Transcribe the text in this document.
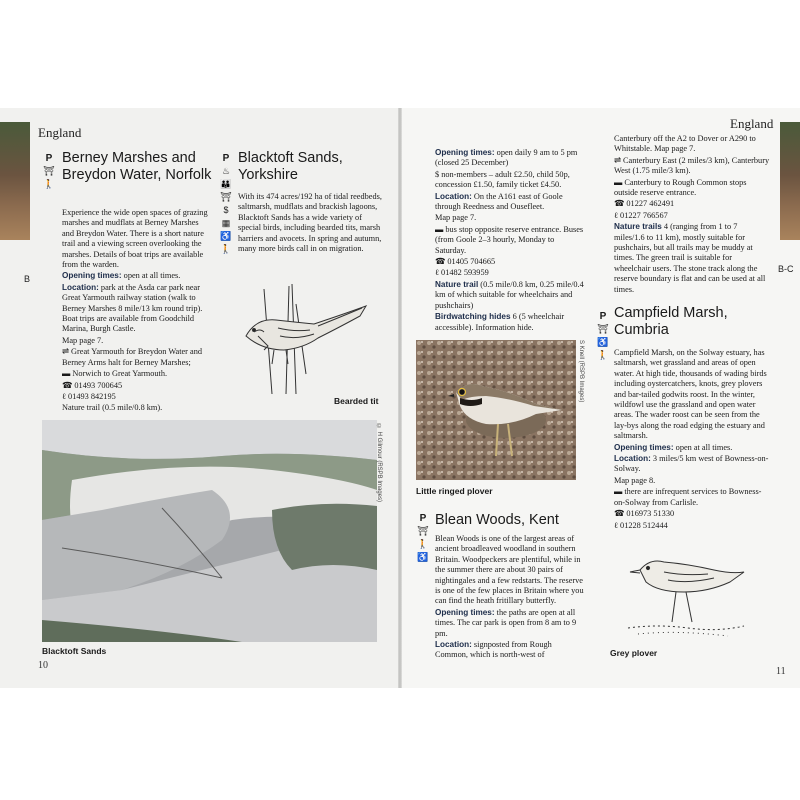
B
B-C
England
England
P
⛩
🚶
Berney Marshes and Breydon Water, Norfolk

Experience the wide open spaces of grazing marshes and mudflats at Berney Marshes and Breydon Water. There is a short nature trail and a viewing screen overlooking the marshes. Details of boat trips are available from the warden.

Opening times: open at all times.

Location: park at the Asda car park near Great Yarmouth railway station (walk to Berney Marshes 8 mile/13 km round trip). Boat trips are available from Goodchild Marina, Burgh Castle.

Map page 7.

⇌ Great Yarmouth for Breydon Water and Berney Arms halt for Berney Marshes;

▬ Norwich to Great Yarmouth.

☎ 01493 700645

ℓ 01493 842195

Nature trail (0.5 mile/0.8 km).

P
♨
👪
⛩
$
▦
♿
🚶
Blacktoft Sands, Yorkshire

With its 474 acres/192 ha of tidal reedbeds, saltmarsh, mudflats and brackish lagoons, Blacktoft Sands has a wide variety of special birds, including bearded tits, marsh harriers and avocets. In spring and autumn, many more birds call in on migration.

Bearded tit
© H Gilmour (RSPB Images)
Blacktoft Sands
10

Opening times: open daily 9 am to 5 pm (closed 25 December)

$ non-members – adult £2.50, child 50p, concession £1.50, family ticket £4.50.

Location: On the A161 east of Goole through Reedness and Ousefleet.

Map page 7.

▬ bus stop opposite reserve entrance. Buses (from Goole 2–3 hourly, Monday to Saturday.

☎ 01405 704665

ℓ 01482 593959

Nature trail (0.5 mile/0.8 km, 0.25 mile/0.4 km of which suitable for wheelchairs and pushchairs)

Birdwatching hides 6 (5 wheelchair accessible). Information hide.

S Knell (RSPB Images)
Little ringed plover
P
⛩
🚶
♿
Blean Woods, Kent

Blean Woods is one of the largest areas of ancient broadleaved woodland in southern Britain. Woodpeckers are plentiful, while in the summer there are about 30 pairs of nightingales and a few redstarts. The reserve is one of the few places in Britain where you can find the heath fritillary butterfly.

Opening times: the paths are open at all times. The car park is open from 8 am to 9 pm.

Location: signposted from Rough Common, which is north-west of

Canterbury off the A2 to Dover or A290 to Whitstable. Map page 7.

⇌ Canterbury East (2 miles/3 km), Canterbury West (1.75 mile/3 km).

▬ Canterbury to Rough Common stops outside reserve entrance.

☎ 01227 462491

ℓ 01227 766567

Nature trails 4 (ranging from 1 to 7 miles/1.6 to 11 km), mostly suitable for pushchairs, but all trails may be muddy at times. The green trail is suitable for wheelchair users. The stone track along the reserve boundary is flat and can be used at all times.

P
⛩
♿
🚶
Campfield Marsh, Cumbria

Campfield Marsh, on the Solway estuary, has saltmarsh, wet grassland and areas of open water. At high tide, thousands of wading birds including oystercatchers, knots, grey plovers and bar-tailed godwits roost. In the winter, wildfowl use the grassland and open water areas. The wader roost can be seen from the lay-bys along the road edging the estuary and saltmarsh.

Opening times: open at all times.

Location: 3 miles/5 km west of Bowness-on-Solway.

Map page 8.

▬ there are infrequent services to Bowness-on-Solway from Carlisle.

☎ 016973 51330

ℓ 01228 512444

Grey plover
11
